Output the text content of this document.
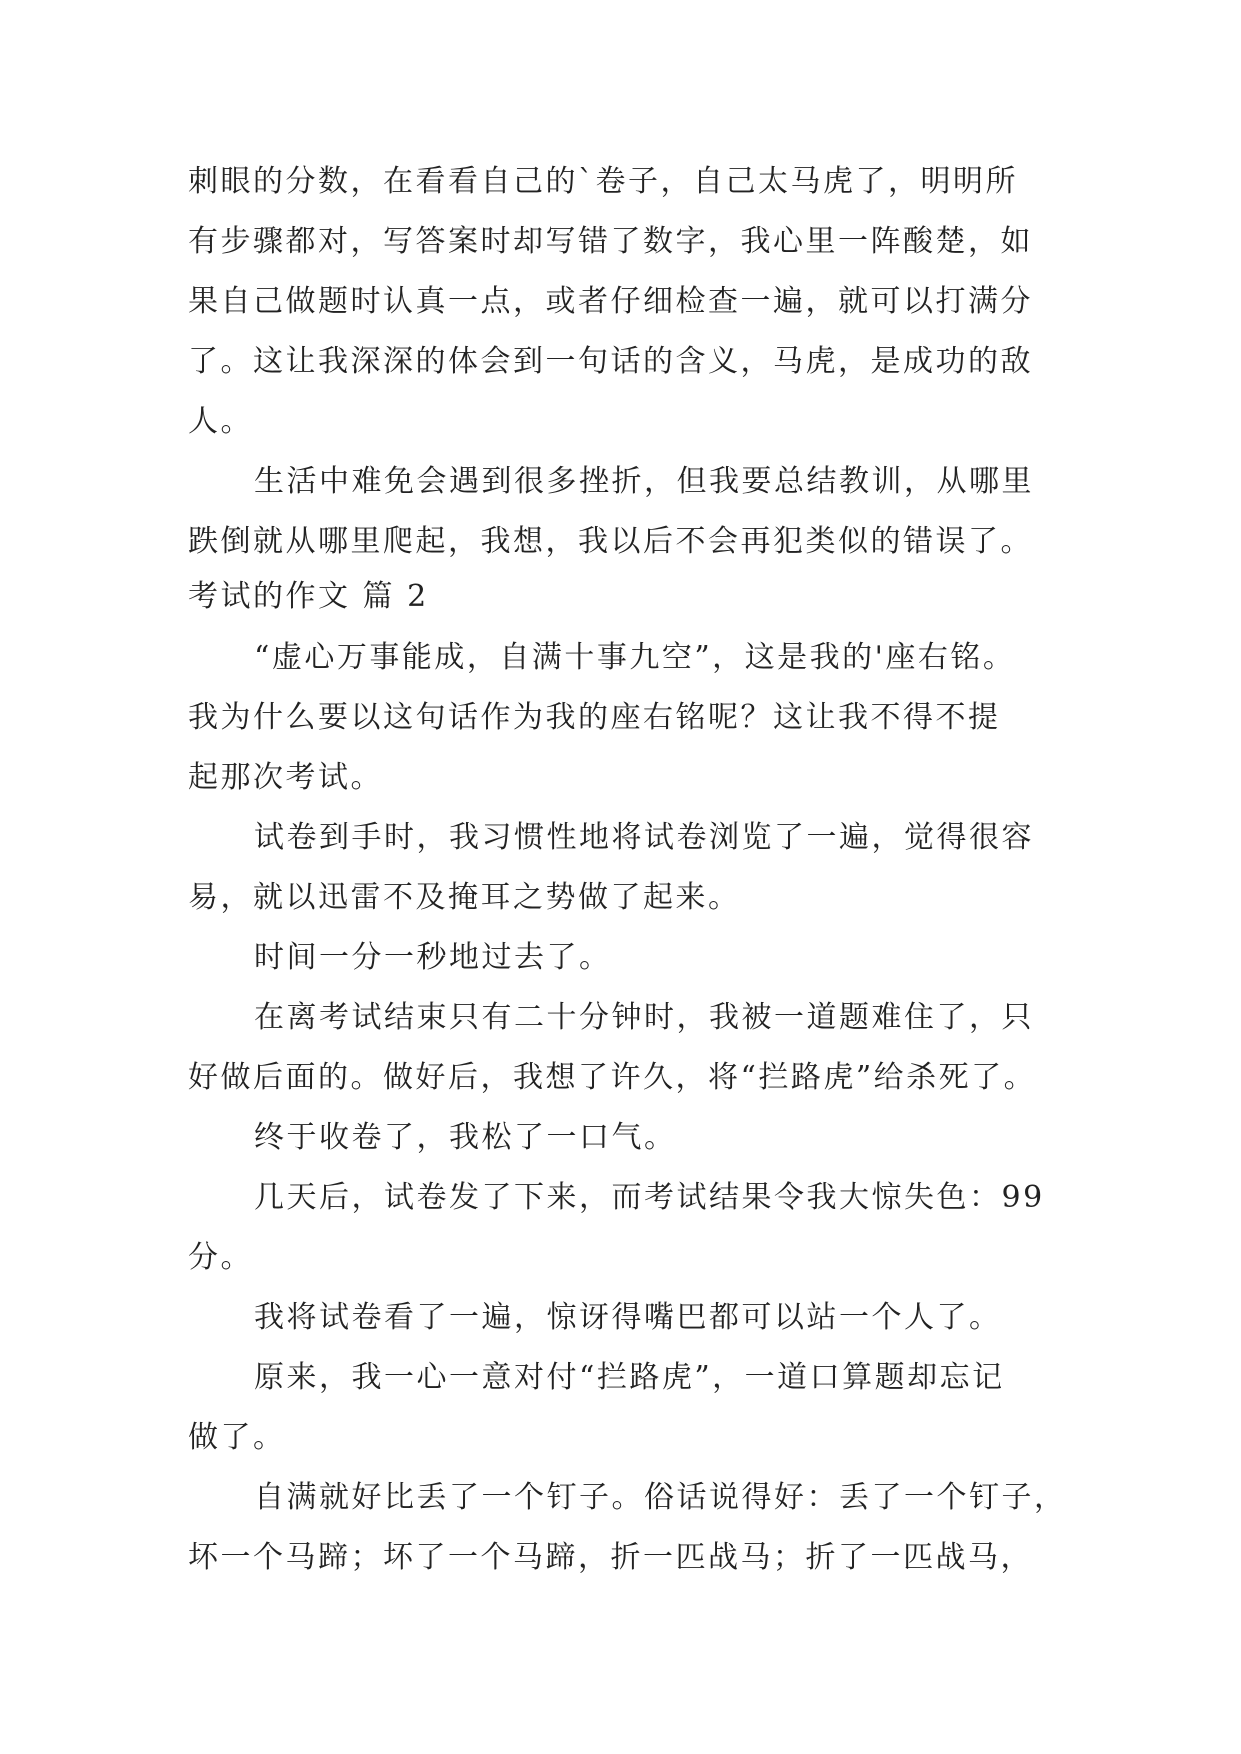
刺眼的分数，在看看自己的`卷子，自己太马虎了，明明所
有步骤都对，写答案时却写错了数字，我心里一阵酸楚，如
果自己做题时认真一点，或者仔细检查一遍，就可以打满分
了。这让我深深的体会到一句话的含义，马虎，是成功的敌
人。
生活中难免会遇到很多挫折，但我要总结教训，从哪里
跌倒就从哪里爬起，我想，我以后不会再犯类似的错误了。
考试的作文 篇 2
“虚心万事能成，自满十事九空”，这是我的'座右铭。
我为什么要以这句话作为我的座右铭呢？这让我不得不提
起那次考试。
试卷到手时，我习惯性地将试卷浏览了一遍，觉得很容
易，就以迅雷不及掩耳之势做了起来。
时间一分一秒地过去了。
在离考试结束只有二十分钟时，我被一道题难住了，只
好做后面的。做好后，我想了许久，将“拦路虎”给杀死了。
终于收卷了，我松了一口气。
几天后，试卷发了下来，而考试结果令我大惊失色：99
分。
我将试卷看了一遍，惊讶得嘴巴都可以站一个人了。
原来，我一心一意对付“拦路虎”，一道口算题却忘记
做了。
自满就好比丢了一个钉子。俗话说得好：丢了一个钉子，
坏一个马蹄；坏了一个马蹄，折一匹战马；折了一匹战马，
